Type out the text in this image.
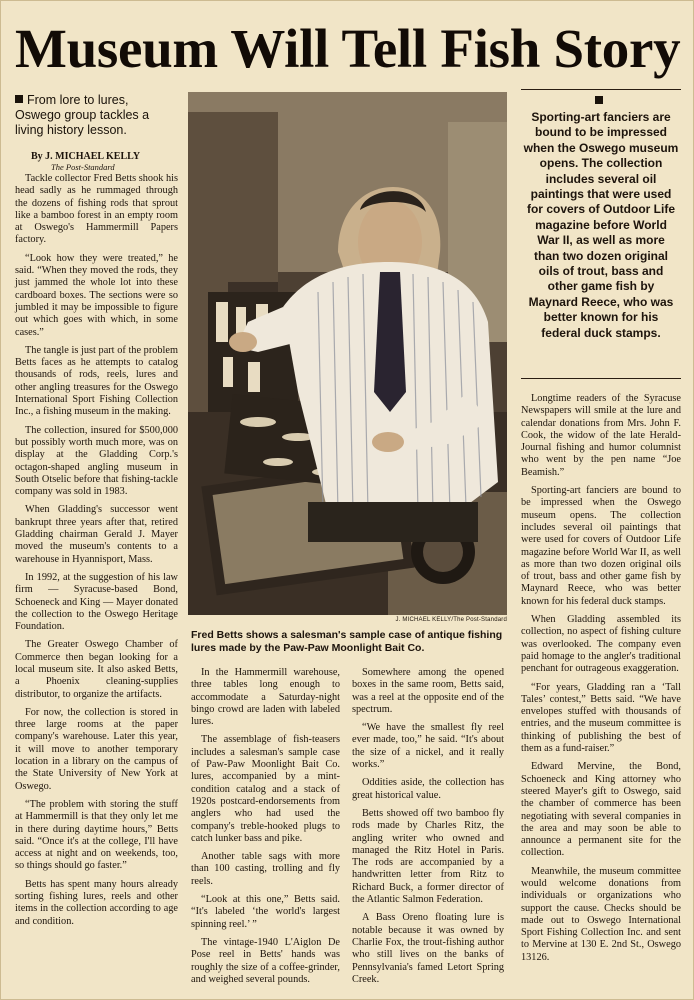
Museum Will Tell Fish Story
From lore to lures, Oswego group tackles a living history lesson.
By J. MICHAEL KELLY
The Post-Standard

Tackle collector Fred Betts shook his head sadly as he rummaged through the dozens of fishing rods that sprout like a bamboo forest in an empty room at Oswego's Hammermill Papers factory.

“Look how they were treated,” he said. “When they moved the rods, they just jammed the whole lot into these cardboard boxes. The sections were so jumbled it may be impossible to figure out which goes with which, in some cases.”

The tangle is just part of the problem Betts faces as he attempts to catalog thousands of rods, reels, lures and other angling treasures for the Oswego International Sport Fishing Collection Inc., a fishing museum in the making.

The collection, insured for $500,000 but possibly worth much more, was on display at the Gladding Corp.'s octagon-shaped angling museum in South Otselic before that fishing-tackle company was sold in 1983.

When Gladding's successor went bankrupt three years after that, retired Gladding chairman Gerald J. Mayer moved the museum's contents to a warehouse in Hyannisport, Mass.

In 1992, at the suggestion of his law firm — Syracuse-based Bond, Schoeneck and King — Mayer donated the collection to the Oswego Heritage Foundation.

The Greater Oswego Chamber of Commerce then began looking for a local museum site. It also asked Betts, a Phoenix cleaning-supplies distributor, to organize the artifacts.

For now, the collection is stored in three large rooms at the paper company's warehouse. Later this year, it will move to another temporary location in a library on the campus of the State University of New York at Oswego.

“The problem with storing the stuff at Hammermill is that they only let me in there during daytime hours,” Betts said. “Once it's at the college, I'll have access at night and on weekends, too, so things should go faster.”

Betts has spent many hours already sorting fishing lures, reels and other items in the collection according to age and condition.

J. MICHAEL KELLY/The Post-Standard
Fred Betts shows a salesman's sample case of antique fishing lures made by the Paw-Paw Moonlight Bait Co.

In the Hammermill warehouse, three tables long enough to accommodate a Saturday-night bingo crowd are laden with labeled lures.

The assemblage of fish-teasers includes a salesman's sample case of Paw-Paw Moonlight Bait Co. lures, accompanied by a mint-condition catalog and a stack of 1920s postcard-endorsements from anglers who had used the company's treble-hooked plugs to catch lunker bass and pike.

Another table sags with more than 100 casting, trolling and fly reels.

“Look at this one,” Betts said. “It's labeled ‘the world's largest spinning reel.’ ”

The vintage-1940 L'Aiglon De Pose reel in Betts' hands was roughly the size of a coffee-grinder, and weighed several pounds.

Somewhere among the opened boxes in the same room, Betts said, was a reel at the opposite end of the spectrum.

“We have the smallest fly reel ever made, too,” he said. “It's about the size of a nickel, and it really works.”

Oddities aside, the collection has great historical value.

Betts showed off two bamboo fly rods made by Charles Ritz, the angling writer who owned and managed the Ritz Hotel in Paris. The rods are accompanied by a handwritten letter from Ritz to Richard Buck, a former director of the Atlantic Salmon Federation.

A Bass Oreno floating lure is notable because it was owned by Charlie Fox, the trout-fishing author who still lives on the banks of Pennsylvania's famed Letort Spring Creek.

Sporting-art fanciers are bound to be impressed when the Oswego museum opens. The collection includes several oil paintings that were used for covers of Outdoor Life magazine before World War II, as well as more than two dozen original oils of trout, bass and other game fish by Maynard Reece, who was better known for his federal duck stamps.

Longtime readers of the Syracuse Newspapers will smile at the lure and calendar donations from Mrs. John F. Cook, the widow of the late Herald-Journal fishing and humor columnist who went by the pen name “Joe Beamish.”

Sporting-art fanciers are bound to be impressed when the Oswego museum opens. The collection includes several oil paintings that were used for covers of Outdoor Life magazine before World War II, as well as more than two dozen original oils of trout, bass and other game fish by Maynard Reece, who was better known for his federal duck stamps.

When Gladding assembled its collection, no aspect of fishing culture was overlooked. The company even paid homage to the angler's traditional penchant for outrageous exaggeration.

“For years, Gladding ran a ‘Tall Tales’ contest,” Betts said. “We have envelopes stuffed with thousands of entries, and the museum committee is thinking of publishing the best of them as a fund-raiser.”

Edward Mervine, the Bond, Schoeneck and King attorney who steered Mayer's gift to Oswego, said the chamber of commerce has been negotiating with several companies in the area and may soon be able to announce a permanent site for the collection.

Meanwhile, the museum committee would welcome donations from individuals or organizations who support the cause. Checks should be made out to Oswego International Sport Fishing Collection Inc. and sent to Mervine at 130 E. 2nd St., Oswego 13126.
